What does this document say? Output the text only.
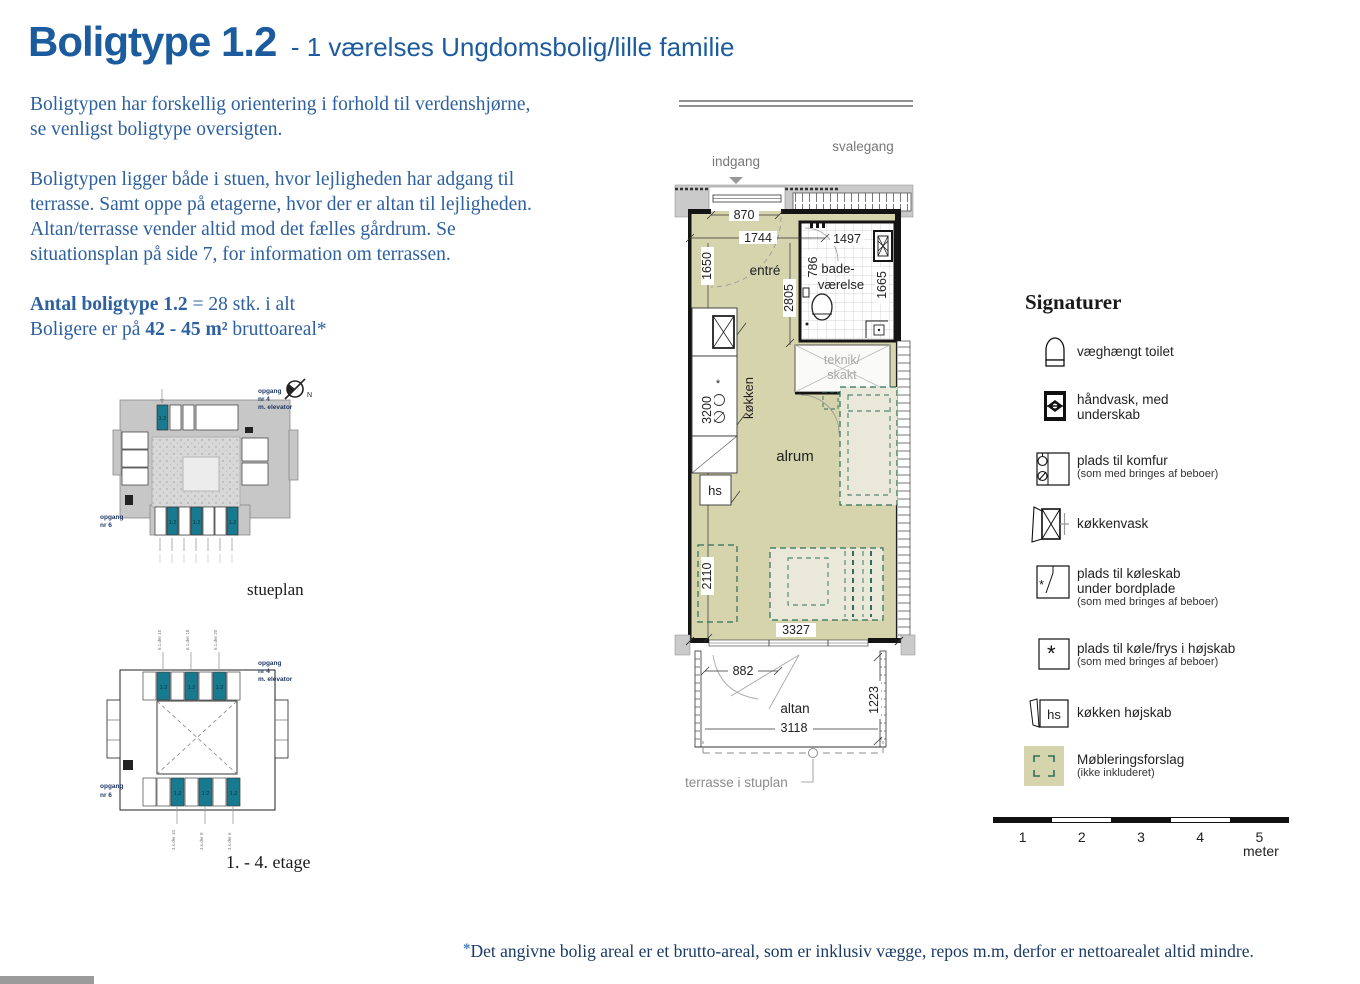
Boligtype 1.2 - 1 værelses Ungdomsbolig/lille familie

Boligtypen har forskellig orientering i forhold til verdenshjørne, se venligst boligtype oversigten.

Boligtypen ligger både i stuen, hvor lejligheden har adgang til terrasse. Samt oppe på etagerne, hvor der er altan til lejligheden. Altan/terrasse vender altid mod det fælles gårdrum. Se situationsplan på side 7, for information om terrassen.

Antal boligtype 1.2 = 28 stk. i alt
Boligere er på 42 - 45 m² bruttoareal*

N
1.2
1.2	1.2	1.2
opgang
nr 4
m. elevator
opgang
nr 6
stueplan
1.2	1.2	1.2
1.2	1.2	1.2
6.1.der 15	6.1.der 18	6.1.der 20
4.s.der 10	4.s.der 8	4.s.der 6
opgang
nr 4
m. elevator
opgang
nr 6
1. - 4. etage
svalegang
indgang
1497
786
1665
bade-
værelse
teknik/
skakt
entré
870
1744
1650
2805
*
hs
3200 køkken
2110
alrum
3327
882
altan
3118
1223
terrasse i stuplan
Signaturer
væghængt toilet
håndvask, med
underskab
plads til komfur
(som med bringes af beboer)
køkkenvask
*
plads til køleskab
under bordplade
(som med bringes af beboer)
* plads til køle/frys i højskab
(som med bringes af beboer)
hs køkken højskab
Møbleringsforslag
(ikke inkluderet)
1	2	3	4	5
meter
*Det angivne bolig areal er et brutto-areal, som er inklusiv vægge, repos m.m, derfor er nettoarealet altid mindre.
